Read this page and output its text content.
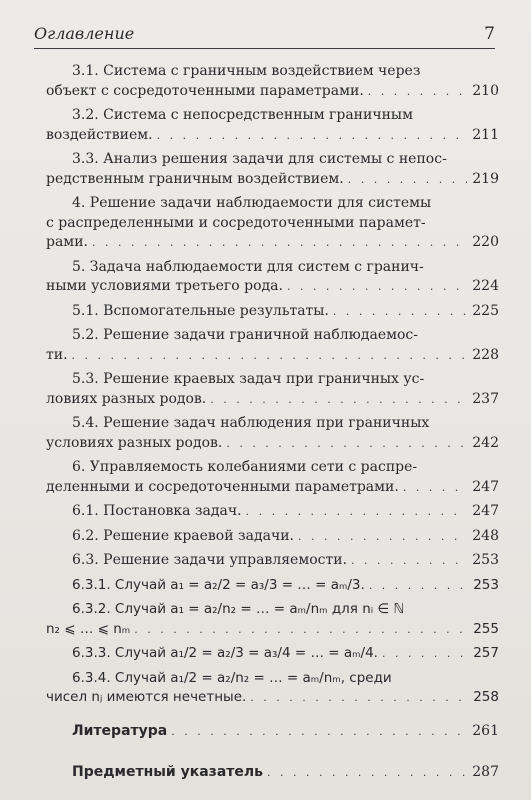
Оглавление	7
3.1. Система с граничным воздействием через
объект с сосредоточенными параметрами. . . .	210
3.2. Система с непосредственным граничным
воздействием. . . .	211
3.3. Анализ решения задачи для системы с непос-
редственным граничным воздействием. . . .	219
4. Решение задачи наблюдаемости для системы
с распределенными и сосредоточенными парамет-
рами. . . .	220
5. Задача наблюдаемости для систем с гранич-
ными условиями третьего рода. . . .	224
5.1. Вспомогательные результаты. . . .	225
5.2. Решение задачи граничной наблюдаемос-
ти. . . .	228
5.3. Решение краевых задач при граничных ус-
ловиях разных родов. . . .	237
5.4. Решение задач наблюдения при граничных
условиях разных родов. . . .	242
6. Управляемость колебаниями сети с распре-
деленными и сосредоточенными параметрами. . . .	247
6.1. Постановка задач. . . .	247
6.2. Решение краевой задачи. . . .	248
6.3. Решение задачи управляемости. . . .	253
6.3.1. Случай a₁ = a₂/2 = a₃/3 = … = aₘ/3. . . .	253
6.3.2. Случай a₁ = a₂/n₂ = … = aₘ/nₘ для nᵢ ∈ ℕ
n₂ ⩽ … ⩽ nₘ . . .	255
6.3.3. Случай a₁/2 = a₂/3 = a₃/4 = … = aₘ/4. . . .	257
6.3.4. Случай a₁/2 = a₂/n₂ = … = aₘ/nₘ, среди
чисел nⱼ имеются нечетные. . . .	258
Литература . . .	261
Предметный указатель . . .	287
